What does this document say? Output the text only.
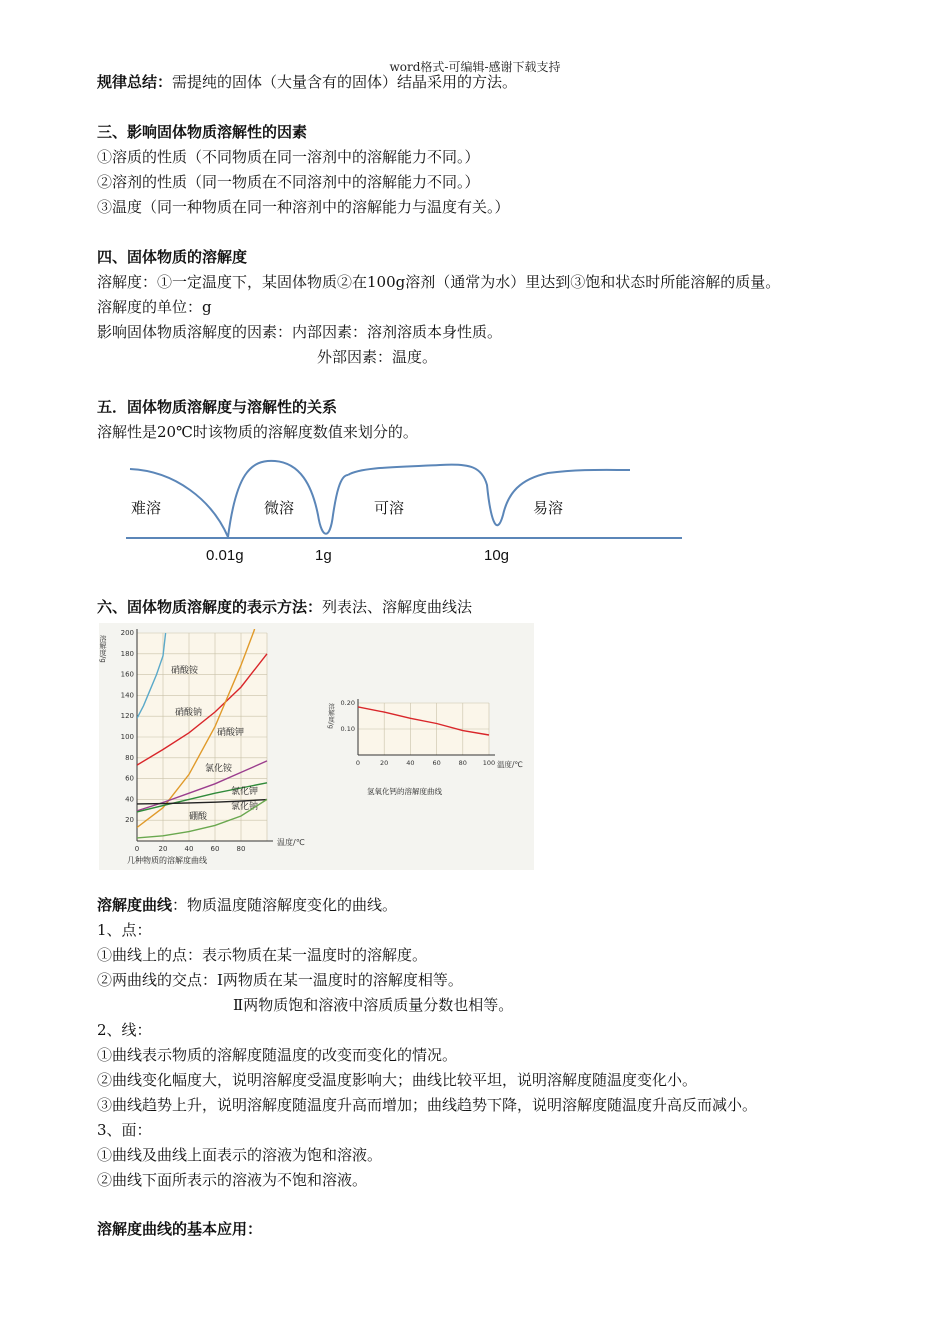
word格式-可编辑-感谢下载支持
规律总结：需提纯的固体（大量含有的固体）结晶采用的方法。
三、影响固体物质溶解性的因素
①溶质的性质（不同物质在同一溶剂中的溶解能力不同。）
②溶剂的性质（同一物质在不同溶剂中的溶解能力不同。）
③温度（同一种物质在同一种溶剂中的溶解能力与温度有关。）
四、固体物质的溶解度
溶解度：①一定温度下，某固体物质②在100g溶剂（通常为水）里达到③饱和状态时所能溶解的质量。
溶解度的单位：g
影响固体物质溶解度的因素：内部因素：溶剂溶质本身性质。
外部因素：温度。
五．固体物质溶解度与溶解性的关系
溶解性是20℃时该物质的溶解度数值来划分的。
难溶	微溶	可溶	易溶
0.01g	1g	10g
六、固体物质溶解度的表示方法：列表法、溶解度曲线法
0	20 40 60 80
20
40
60
80
100
120
140
160
180
200
硝酸铵
硝酸钠
硝酸钾
氯化铵
氯化钾
氯化钠
硼酸
温度/℃
溶解度/g
几种物质的溶解度曲线
0	20	40	60	80 100
0.10
0.20
温度/℃
溶解度/g
氢氧化钙的溶解度曲线
溶解度曲线：物质温度随溶解度变化的曲线。
1、点：
①曲线上的点：表示物质在某一温度时的溶解度。
②两曲线的交点：Ⅰ两物质在某一温度时的溶解度相等。
Ⅱ两物质饱和溶液中溶质质量分数也相等。
2、线：
①曲线表示物质的溶解度随温度的改变而变化的情况。
②曲线变化幅度大，说明溶解度受温度影响大；曲线比较平坦，说明溶解度随温度变化小。
③曲线趋势上升，说明溶解度随温度升高而增加；曲线趋势下降，说明溶解度随温度升高反而减小。
3、面：
①曲线及曲线上面表示的溶液为饱和溶液。
②曲线下面所表示的溶液为不饱和溶液。
溶解度曲线的基本应用：
